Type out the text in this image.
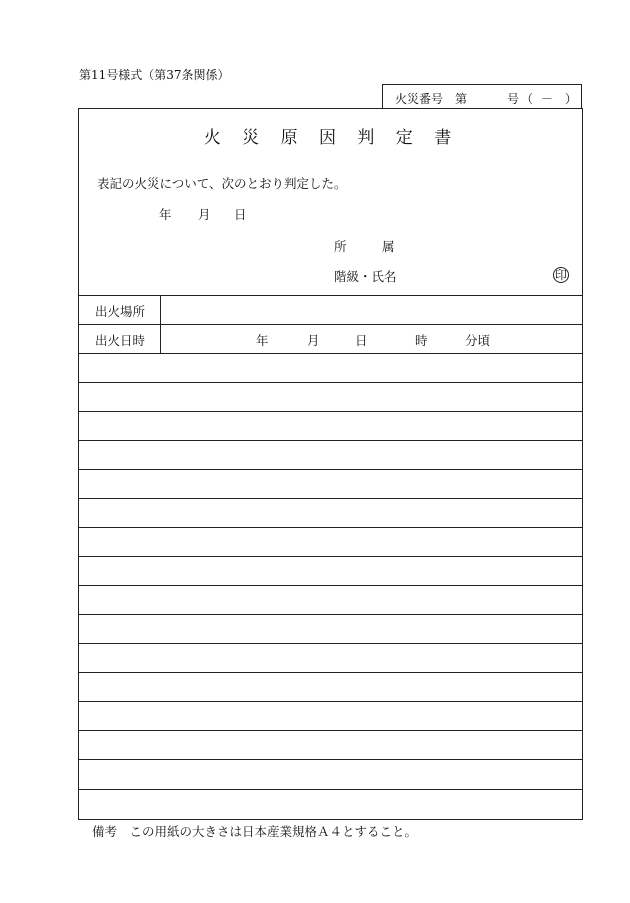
第11号様式（第37条関係）
火災番号 第	号 （ － ）
火 災 原 因 判 定 書
表記の火災について、次のとおり判定した。
年 月 日
所	属
階級・氏名	印
出火場所
出火日時	年	月	日	時	分頃
備考　この用紙の大きさは日本産業規格Ａ４とすること。
